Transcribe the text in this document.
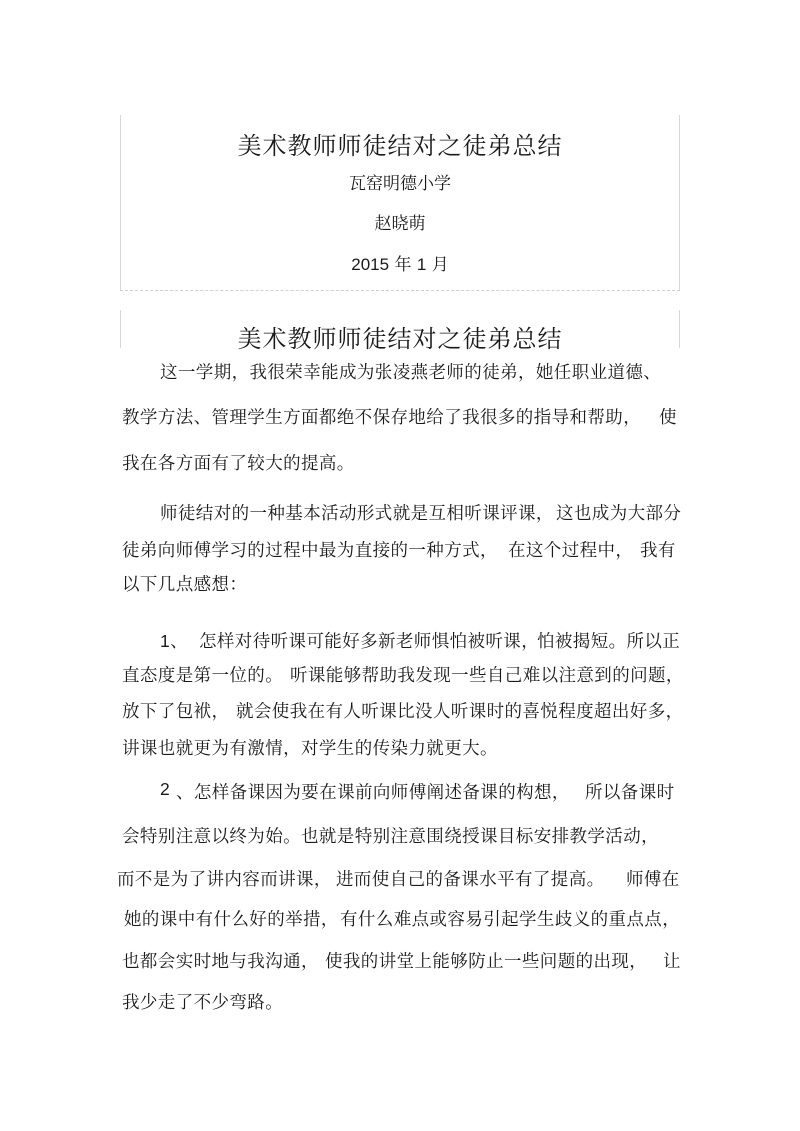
美术教师师徒结对之徒弟总结
瓦窑明德小学
赵晓萌
2015 年 1 月
美术教师师徒结对之徒弟总结
这一学期，我很荣幸能成为张凌燕老师的徒弟，她任职业道德、
教学方法、管理学生方面都绝不保存地给了我很多的指导和帮助， 使
我在各方面有了较大的提高。
师徒结对的一种基本活动形式就是互相听课评课， 这也成为大部分
徒弟向师傅学习的过程中最为直接的一种方式， 在这个过程中， 我有
以下几点感想：
1、 怎样对待听课可能好多新老师惧怕被听课，
怕被揭短。所以正
直态度是第一位的。 听课能够帮助我发现一些自己难以注意到的问题，
放下了包袱， 就会使我在有人听课比没人听课时的喜悦程度超出好多，
讲课也就更为有激情，对学生的传染力就更大。
2 、怎样备课因为要在课前向师傅阐述备课的构想， 所以备课时
会特别注意以终为始。也就是特别注意围绕授课目标安排教学活动，
而不是为了讲内容而讲课， 进而使自己的备课水平有了提高。 师傅在
她的课中有什么好的举措， 有什么难点或容易引起学生歧义的重点点，
也都会实时地与我沟通， 使我的讲堂上能够防止一些问题的出现， 让
我少走了不少弯路。
